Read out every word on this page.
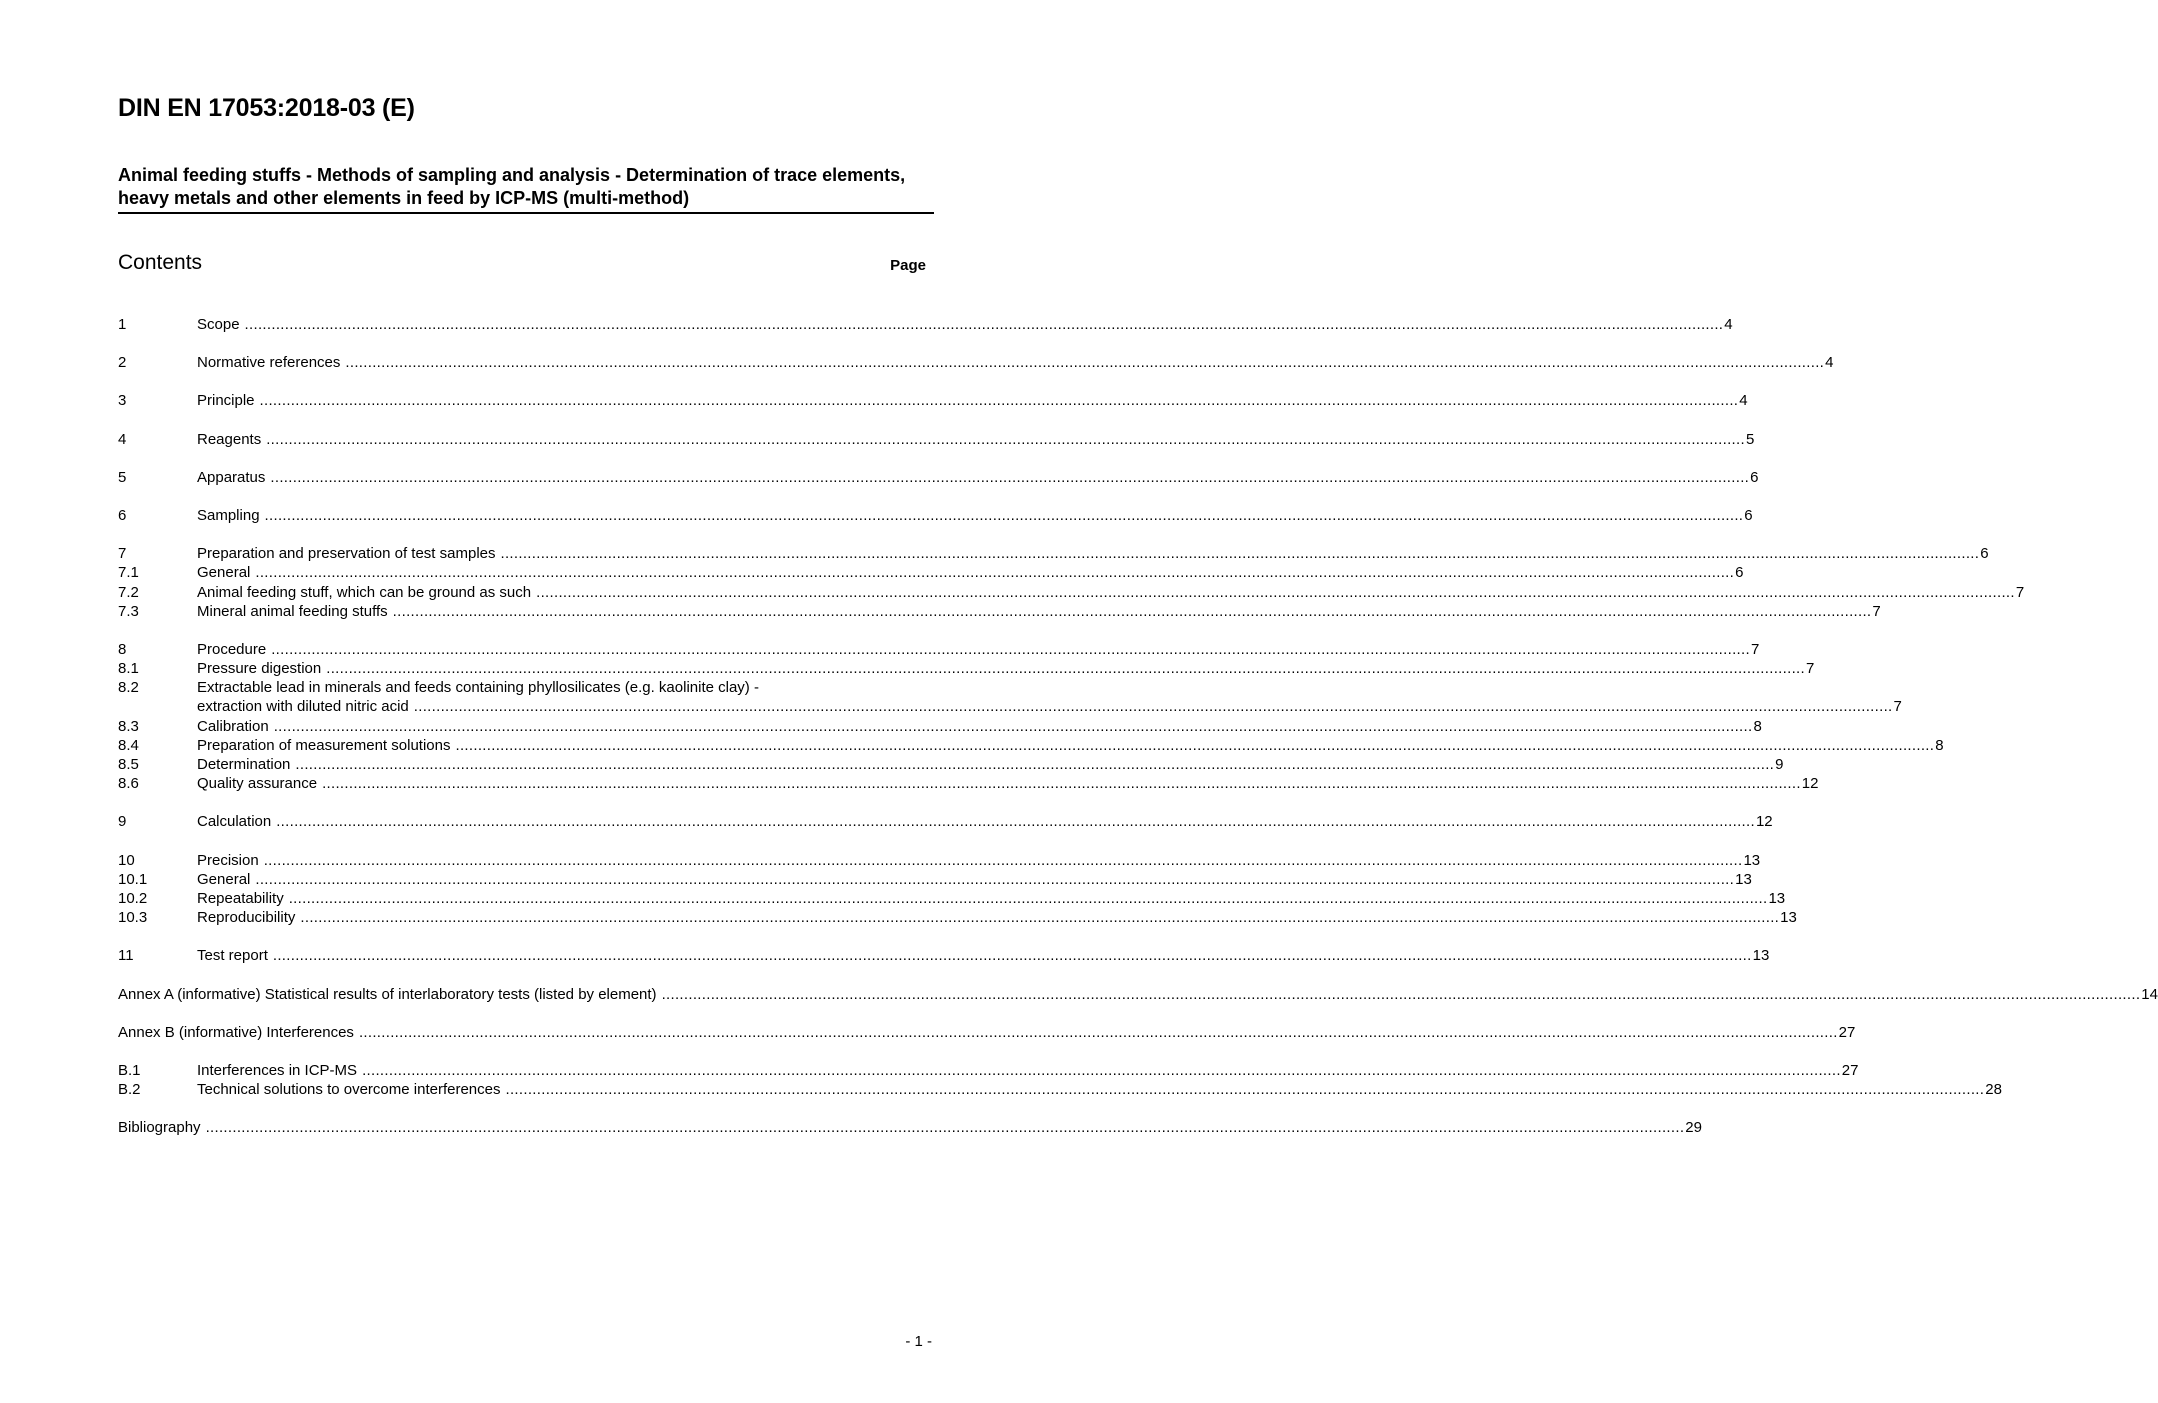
DIN EN 17053:2018-03 (E)
Animal feeding stuffs - Methods of sampling and analysis - Determination of trace elements, heavy metals and other elements in feed by ICP-MS (multi-method)
Contents	Page
1	Scope .....	4
2	Normative references .....	4
3	Principle .....	4
4	Reagents .....	5
5	Apparatus .....	6
6	Sampling .....	6
7	Preparation and preservation of test samples .....	6
7.1	General .....	6
7.2	Animal feeding stuff, which can be ground as such .....	7
7.3	Mineral animal feeding stuffs .....	7
8	Procedure .....	7
8.1	Pressure digestion .....	7
8.2	Extractable lead in minerals and feeds containing phyllosilicates (e.g. kaolinite clay) -
extraction with diluted nitric acid .....	7
8.3	Calibration .....	8
8.4	Preparation of measurement solutions .....	8
8.5	Determination .....	9
8.6	Quality assurance .....	12
9	Calculation .....	12
10	Precision .....	13
10.1	General .....	13
10.2	Repeatability .....	13
10.3	Reproducibility .....	13
11	Test report .....	13
Annex A (informative) Statistical results of interlaboratory tests (listed by element) .....	14
Annex B (informative) Interferences .....	27
B.1	Interferences in ICP-MS .....	27
B.2	Technical solutions to overcome interferences .....	28
Bibliography .....	29
- 1 -
